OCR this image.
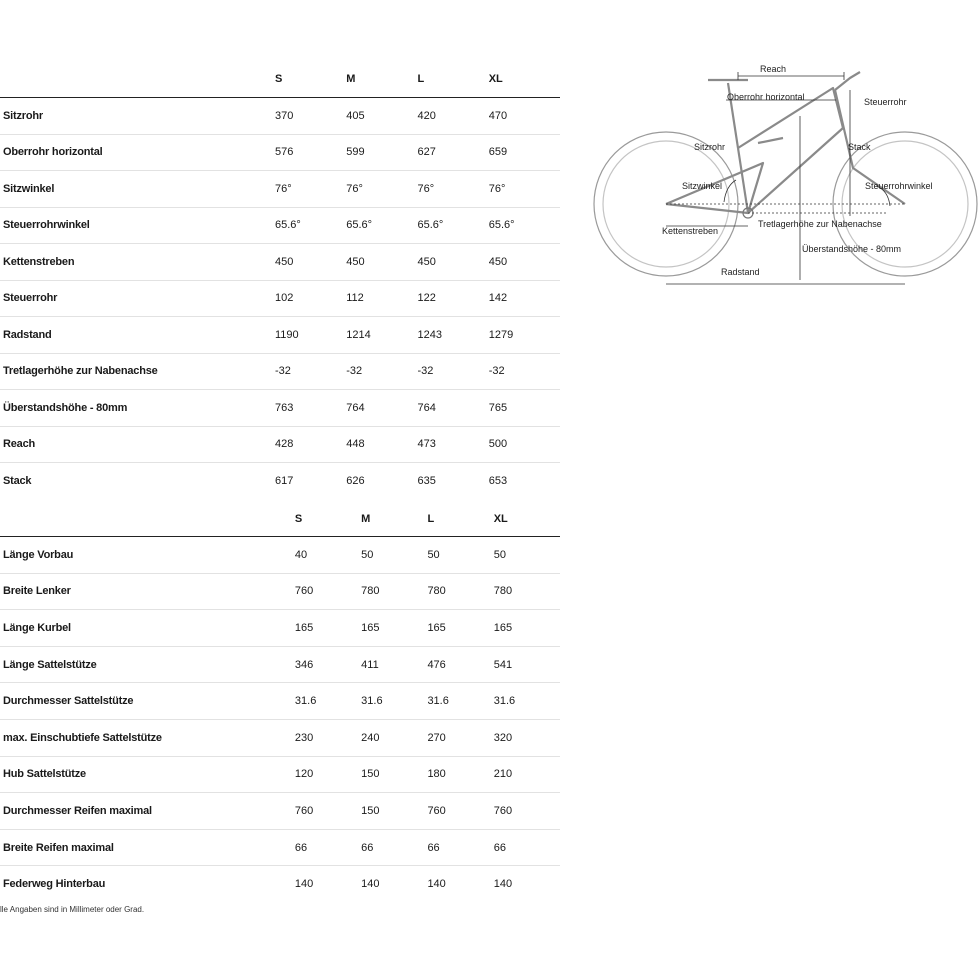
	S	M	L	XL
Sitzrohr	370	405	420	470
Oberrohr horizontal	576	599	627	659
Sitzwinkel	76°	76°	76°	76°
Steuerrohrwinkel	65.6°	65.6°	65.6°	65.6°
Kettenstreben	450	450	450	450
Steuerrohr	102	112	122	142
Radstand	1190	1214	1243	1279
Tretlagerhöhe zur Nabenachse	-32	-32	-32	-32
Überstandshöhe - 80mm	763	764	764	765
Reach	428	448	473	500
Stack	617	626	635	653
	S	M	L	XL
Länge Vorbau	40	50	50	50
Breite Lenker	760	780	780	780
Länge Kurbel	165	165	165	165
Länge Sattelstütze	346	411	476	541
Durchmesser Sattelstütze	31.6	31.6	31.6	31.6
max. Einschubtiefe Sattelstütze	230	240	270	320
Hub Sattelstütze	120	150	180	210
Durchmesser Reifen maximal	760	150	760	760
Breite Reifen maximal	66	66	66	66
Federweg Hinterbau	140	140	140	140
lle Angaben sind in Millimeter oder Grad.
Reach
Oberrohr horizontal	Steuerrohr
Sitzrohr	Stack
Sitzwinkel	Steuerrohrwinkel
Tretlagerhöhe zur Nabenachse
Kettenstreben
Überstandshöhe - 80mm
Radstand
